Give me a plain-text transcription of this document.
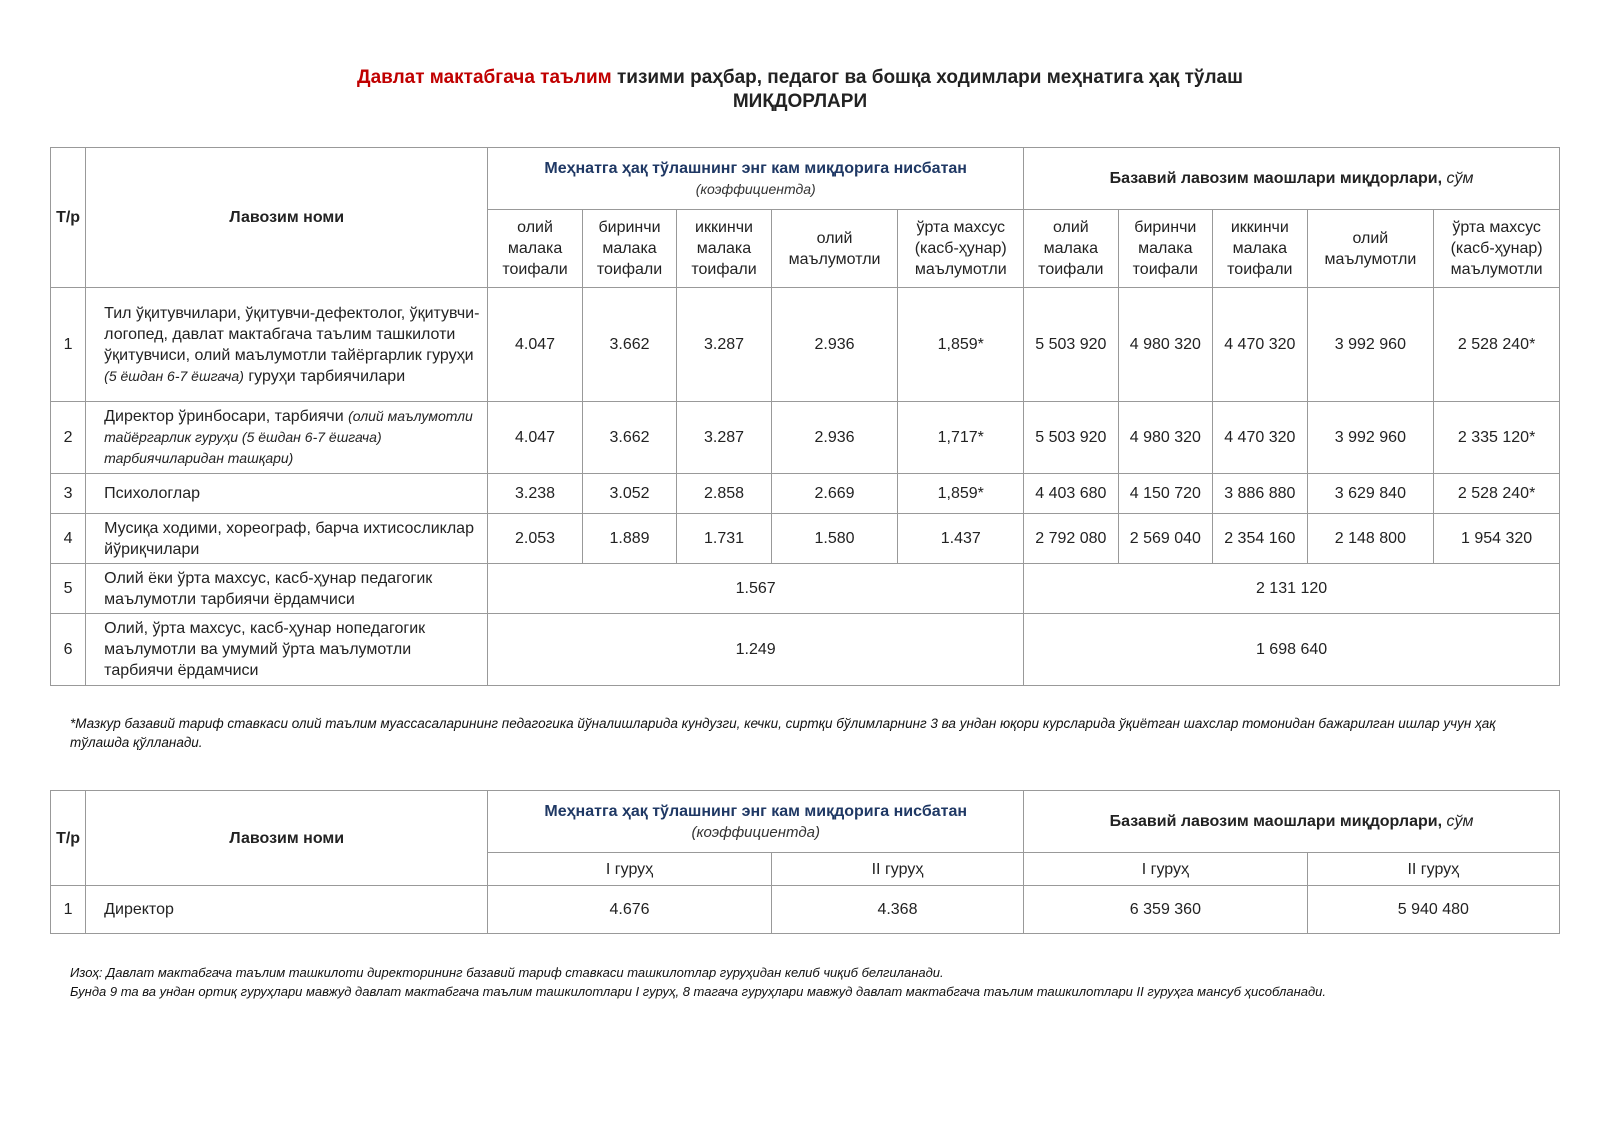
Давлат мактабгача таълим тизими раҳбар, педагог ва бошқа ходимлари меҳнатига ҳақ тўлаш
МИҚДОРЛАРИ
Т/р	Лавозим номи	Меҳнатга ҳақ тўлашнинг энг кам миқдорига нисбатан
(коэффициентда)					Базавий лавозим маошлари миқдорлари, сўм				
		олий малака тоифали	биринчи малака тоифали	иккинчи малака тоифали	олий маълумотли	ўрта махсус (касб-ҳунар) маълумотли	олий малака тоифали	биринчи малака тоифали	иккинчи малака тоифали	олий маълумотли	ўрта махсус (касб-ҳунар) маълумотли
1	Тил ўқитувчилари, ўқитувчи-дефектолог, ўқитувчи-логопед, давлат мактабгача таълим ташкилоти ўқитувчиси, олий маълумотли тайёргарлик гуруҳи (5 ёшдан 6-7 ёшгача) гуруҳи тарбиячилари	4.047	3.662	3.287	2.936	1,859*	5 503 920	4 980 320	4 470 320	3 992 960	2 528 240*
2	Директор ўринбосари, тарбиячи (олий маълумотли тайёргарлик гуруҳи (5 ёшдан 6-7 ёшгача) тарбиячиларидан ташқари)	4.047	3.662	3.287	2.936	1,717*	5 503 920	4 980 320	4 470 320	3 992 960	2 335 120*
3	Психологлар	3.238	3.052	2.858	2.669	1,859*	4 403 680	4 150 720	3 886 880	3 629 840	2 528 240*
4	Мусиқа ходими, хореограф, барча ихтисосликлар йўриқчилари	2.053	1.889	1.731	1.580	1.437	2 792 080	2 569 040	2 354 160	2 148 800	1 954 320
5	Олий ёки ўрта махсус, касб-ҳунар педагогик маълумотли тарбиячи ёрдамчиси	1.567					2 131 120				
6	Олий, ўрта махсус, касб-ҳунар нопедагогик маълумотли ва умумий ўрта маълумотли тарбиячи ёрдамчиси	1.249					1 698 640				
*Мазкур базавий тариф ставкаси олий таълим муассасаларининг педагогика йўналишларида кундузги, кечки, сиртқи бўлимларнинг 3 ва ундан юқори курсларида ўқиётган шахслар томонидан бажарилган ишлар учун ҳақ тўлашда қўлланади.
Т/р	Лавозим номи	Меҳнатга ҳақ тўлашнинг энг кам миқдорига нисбатан
(коэффициентда)		Базавий лавозим маошлари миқдорлари, сўм	
		I гуруҳ	II гуруҳ	I гуруҳ	II гуруҳ
1	Директор	4.676	4.368	6 359 360	5 940 480
Изоҳ: Давлат мактабгача таълим ташкилоти директорининг базавий тариф ставкаси ташкилотлар гуруҳидан келиб чиқиб белгиланади.
Бунда 9 та ва ундан ортиқ гуруҳлари мавжуд давлат мактабгача таълим ташкилотлари I гуруҳ, 8 тагача гуруҳлари мавжуд давлат мактабгача таълим ташкилотлари II гуруҳга мансуб ҳисобланади.
